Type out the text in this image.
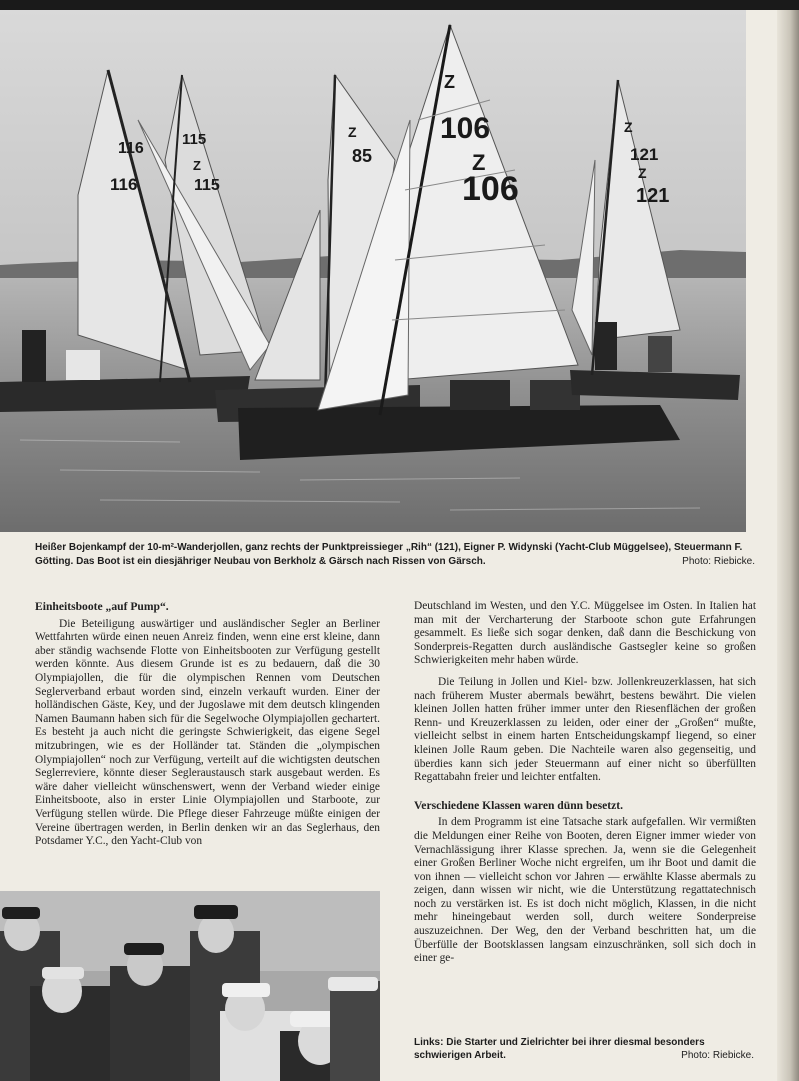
116
116
115
Z
115
Z
85
Z
106
Z
106
Z
121
Z
121
Heißer Bojenkampf der 10-m²-Wanderjollen, ganz rechts der Punktpreissieger „Rih“ (121), Eigner P. Widynski (Yacht-Club Müggelsee), Steuermann F. Götting. Das Boot ist ein diesjähriger Neubau von Berkholz & Gärsch nach Rissen von Gärsch.	Photo: Riebicke.
Einheitsboote „auf Pump“.

Die Beteiligung auswärtiger und ausländischer Segler an Berliner Wettfahrten würde einen neuen Anreiz finden, wenn eine erst kleine, dann aber ständig wachsende Flotte von Einheitsbooten zur Verfügung gestellt werden könnte. Aus diesem Grunde ist es zu bedauern, daß die 30 Olympiajollen, die für die olympischen Rennen vom Deutschen Seglerverband erbaut worden sind, einzeln verkauft wurden. Einer der holländischen Gäste, Key, und der Jugoslawe mit dem deutsch klingenden Namen Baumann haben sich für die Segelwoche Olympiajollen gechartert. Es besteht ja auch nicht die geringste Schwierigkeit, das eigene Segel mitzubringen, wie es der Holländer tat. Ständen die „olympischen Olympiajollen“ noch zur Verfügung, verteilt auf die wichtigsten deutschen Seglerreviere, könnte dieser Segleraustausch stark ausgebaut werden. Es wäre daher vielleicht wünschenswert, wenn der Verband wieder einige Einheitsboote, also in erster Linie Olympiajollen und Starboote, zur Verfügung stellen würde. Die Pflege dieser Fahrzeuge müßte einigen der Vereine übertragen werden, in Berlin denken wir an das Seglerhaus, den Potsdamer Y.C., den Yacht-Club von

Deutschland im Westen, und den Y.C. Müggelsee im Osten. In Italien hat man mit der Vercharterung der Starboote schon gute Erfahrungen gesammelt. Es ließe sich sogar denken, daß dann die Beschickung von Sonderpreis-Regatten durch ausländische Gastsegler keine so großen Schwierigkeiten mehr haben würde.

Die Teilung in Jollen und Kiel- bzw. Jollenkreuzerklassen, hat sich nach früherem Muster abermals bewährt, bestens bewährt. Die vielen kleinen Jollen hatten früher immer unter den Riesenflächen der großen Renn- und Kreuzerklassen zu leiden, oder einer der „Großen“ mußte, vielleicht selbst in einem harten Entscheidungskampf liegend, so einer kleinen Jolle Raum geben. Die Nachteile waren also gegenseitig, und überdies kann sich jeder Steuermann auf einer nicht so überfüllten Regattabahn freier und leichter entfalten.

Verschiedene Klassen waren dünn besetzt.

In dem Programm ist eine Tatsache stark aufgefallen. Wir vermißten die Meldungen einer Reihe von Booten, deren Eigner immer wieder von Vernachlässigung ihrer Klasse sprechen. Ja, wenn sie die Gelegenheit einer Großen Berliner Woche nicht ergreifen, um ihr Boot und damit die von ihnen — vielleicht schon vor Jahren — erwählte Klasse abermals zu zeigen, dann wissen wir nicht, wie die Unterstützung regattatechnisch noch zu verstärken ist. Es ist doch nicht möglich, Klassen, in die nicht mehr hineingebaut werden soll, durch weitere Sonderpreise auszuzeichnen. Der Weg, den der Verband beschritten hat, um die Überfülle der Bootsklassen langsam einzuschränken, soll sich doch in einer ge-

Links: Die Starter und Zielrichter bei ihrer diesmal besonders schwierigen Arbeit.	Photo: Riebicke.
